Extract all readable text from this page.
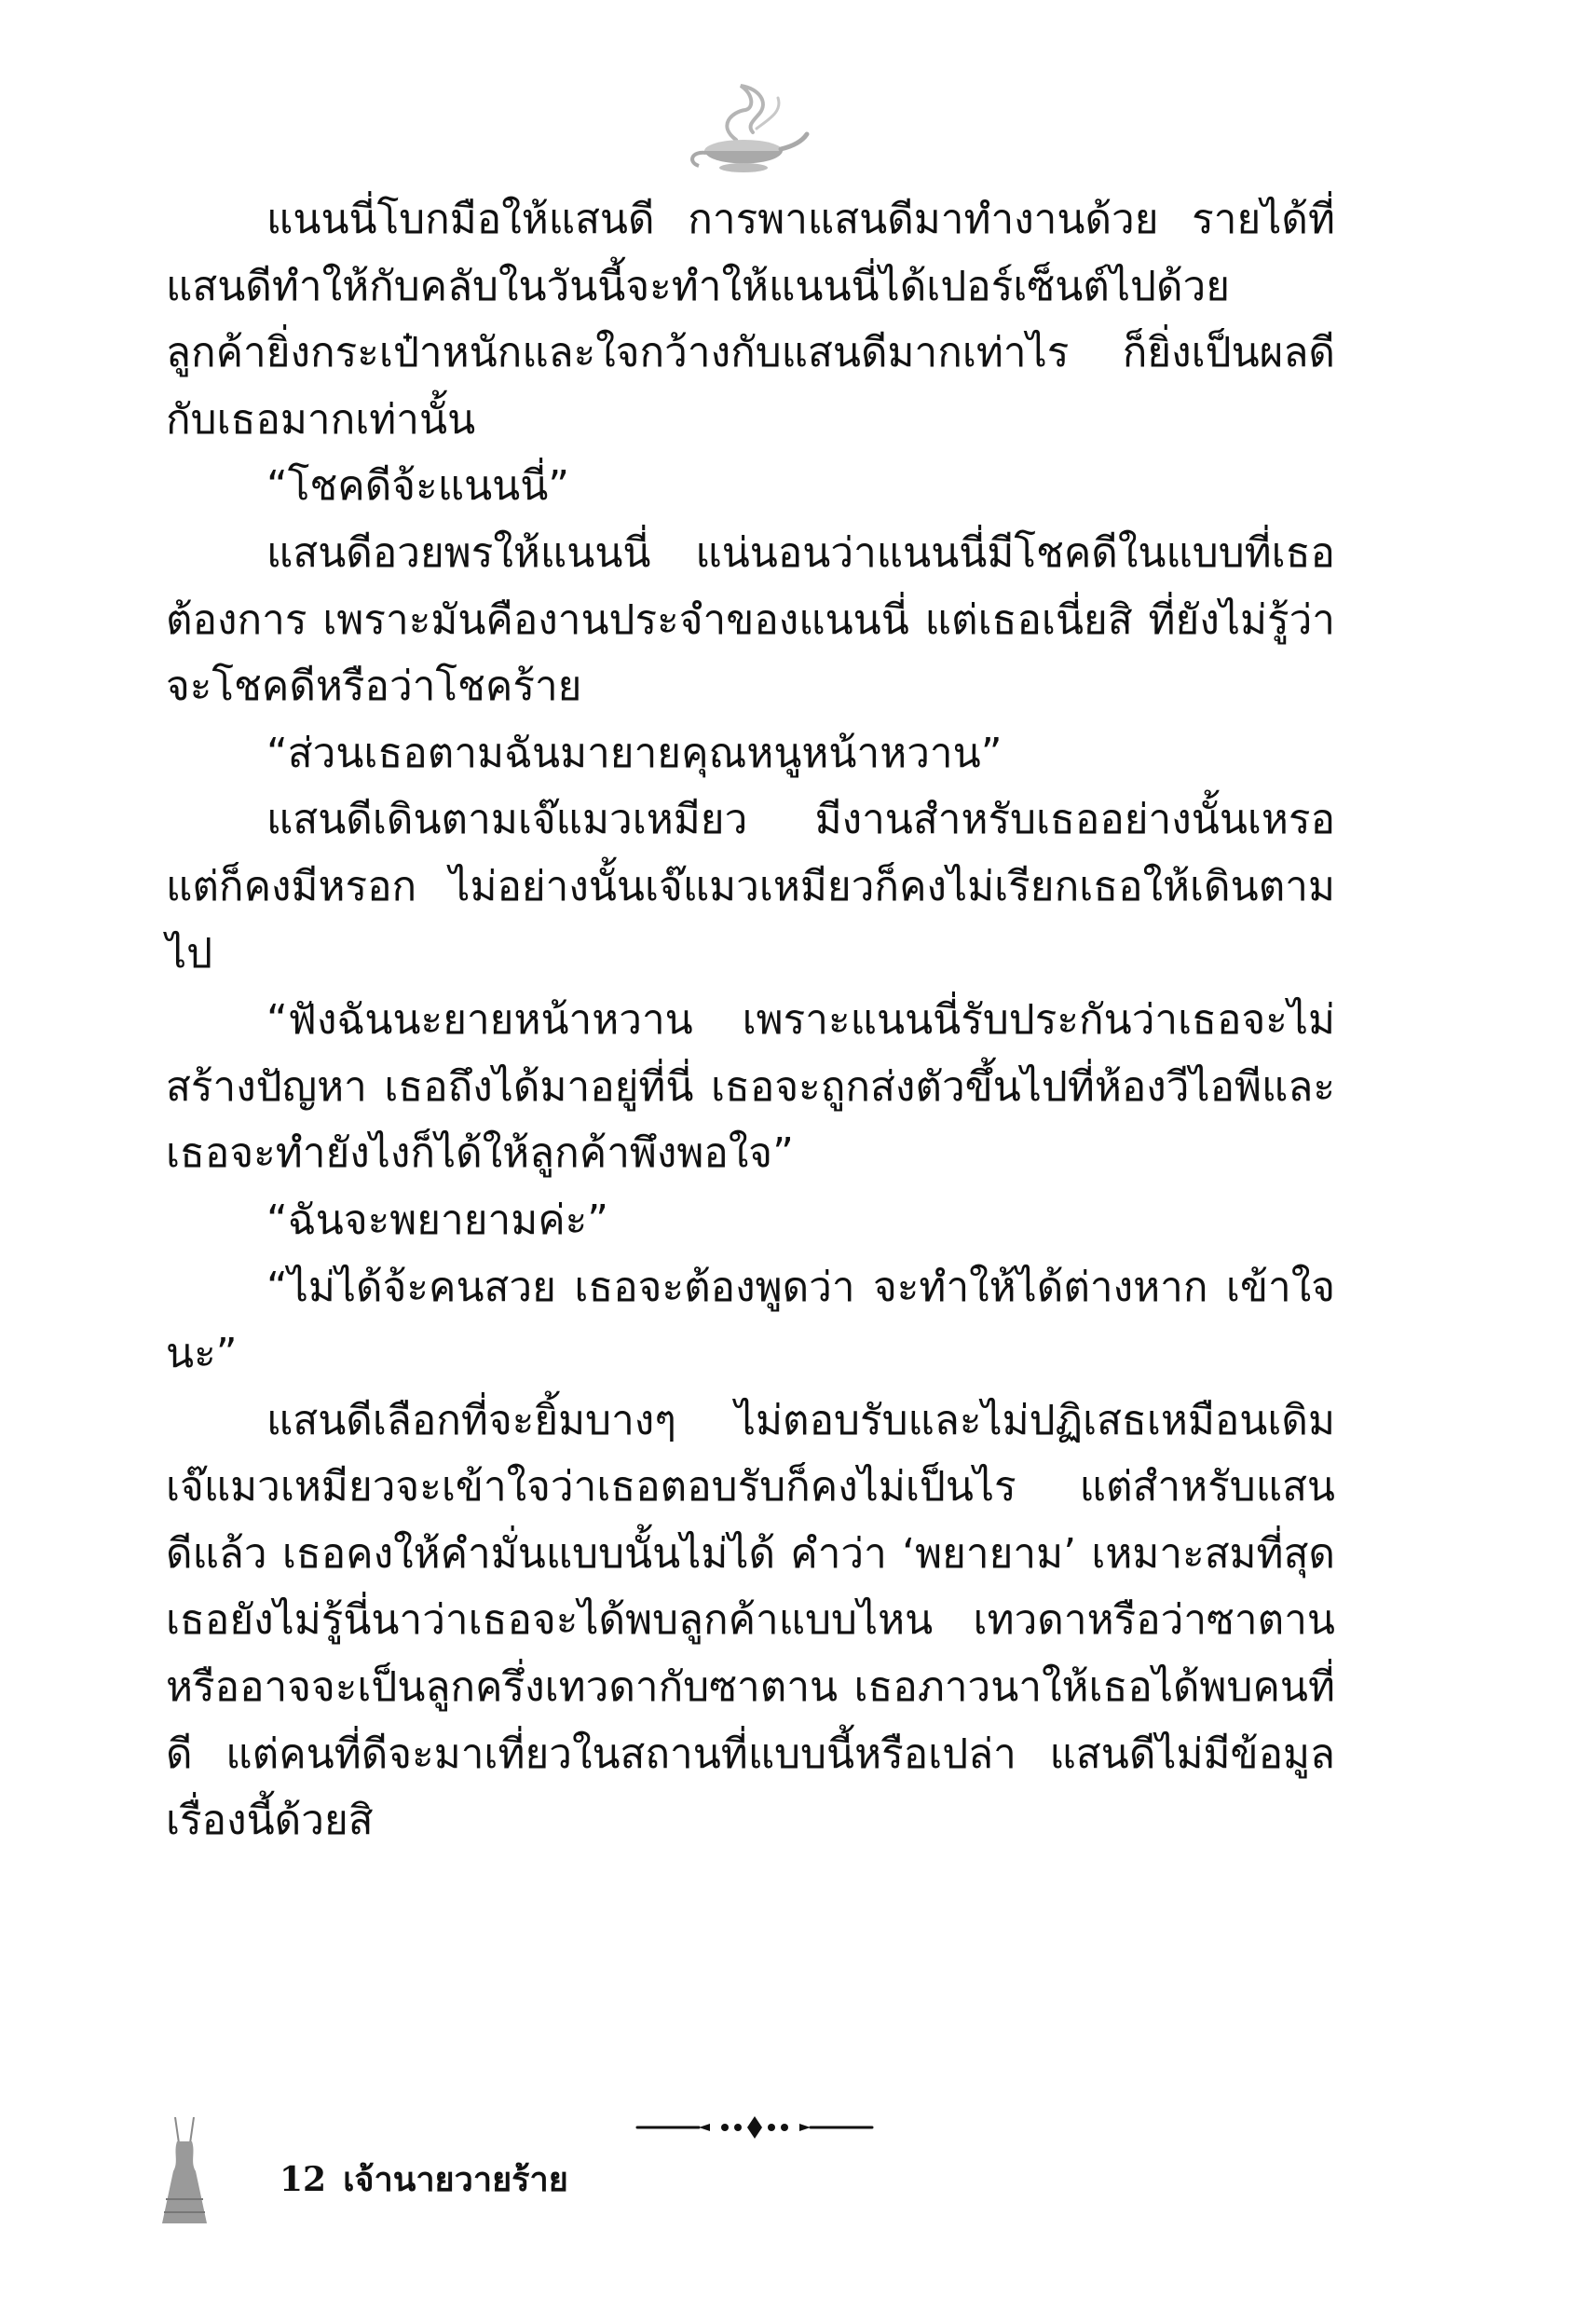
แนนนี่โบกมือให้แสนดี การพาแสนดีมาทำงานด้วย รายได้ที่แสนดีทำให้กับคลับในวันนี้จะทำให้แนนนี่ได้เปอร์เซ็นต์ไปด้วย ลูกค้ายิ่งกระเป๋าหนักและใจกว้างกับแสนดีมากเท่าไร ก็ยิ่งเป็นผลดีกับเธอมากเท่านั้น

“โชคดีจ้ะแนนนี่”

แสนดีอวยพรให้แนนนี่ แน่นอนว่าแนนนี่มีโชคดีในแบบที่เธอต้องการ เพราะมันคืองานประจำของแนนนี่ แต่เธอเนี่ยสิ ที่ยังไม่รู้ว่าจะโชคดีหรือว่าโชคร้าย

“ส่วนเธอตามฉันมายายคุณหนูหน้าหวาน”

แสนดีเดินตามเจ๊แมวเหมียว มีงานสำหรับเธออย่างนั้นเหรอ แต่ก็คงมีหรอก ไม่อย่างนั้นเจ๊แมวเหมียวก็คงไม่เรียกเธอให้เดินตามไป

“ฟังฉันนะยายหน้าหวาน เพราะแนนนี่รับประกันว่าเธอจะไม่สร้างปัญหา เธอถึงได้มาอยู่ที่นี่ เธอจะถูกส่งตัวขึ้นไปที่ห้องวีไอพีและเธอจะทำยังไงก็ได้ให้ลูกค้าพึงพอใจ”

“ฉันจะพยายามค่ะ”

“ไม่ได้จ้ะคนสวย เธอจะต้องพูดว่า จะทำให้ได้ต่างหาก เข้าใจนะ”

แสนดีเลือกที่จะยิ้มบางๆ ไม่ตอบรับและไม่ปฏิเสธเหมือนเดิม เจ๊แมวเหมียวจะเข้าใจว่าเธอตอบรับก็คงไม่เป็นไร แต่สำหรับแสนดีแล้ว เธอคงให้คำมั่นแบบนั้นไม่ได้ คำว่า ‘พยายาม’ เหมาะสมที่สุด เธอยังไม่รู้นี่นาว่าเธอจะได้พบลูกค้าแบบไหน เทวดาหรือว่าซาตาน หรืออาจจะเป็นลูกครึ่งเทวดากับซาตาน เธอภาวนาให้เธอได้พบคนที่ดี แต่คนที่ดีจะมาเที่ยวในสถานที่แบบนี้หรือเปล่า แสนดีไม่มีข้อมูลเรื่องนี้ด้วยสิ

12 เจ้านายวายร้าย
